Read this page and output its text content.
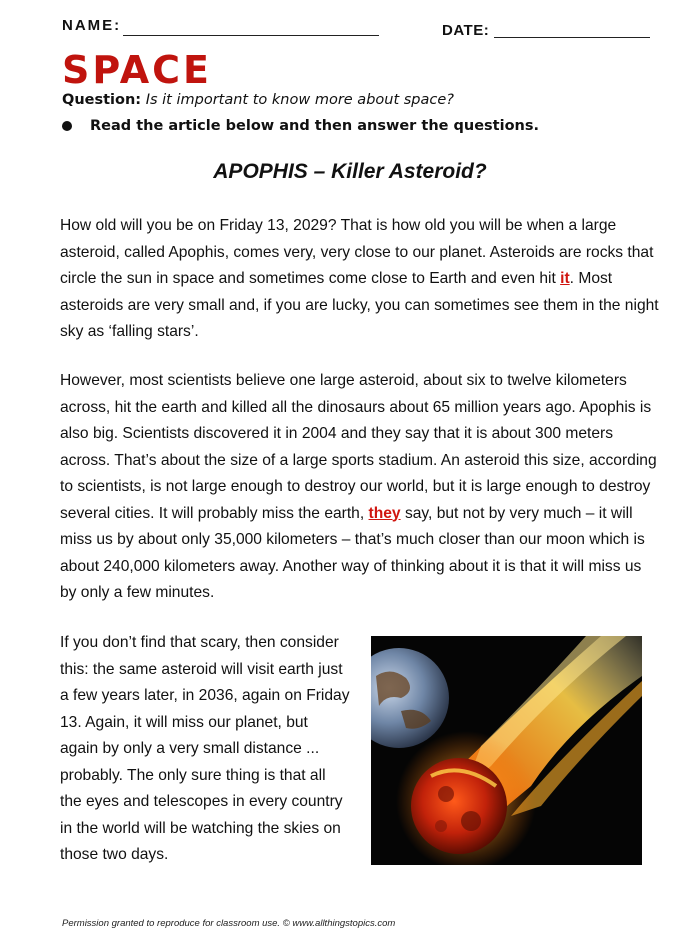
NAME:	DATE:
SPACE
Question: Is it important to know more about space?
Read the article below and then answer the questions.
APOPHIS – Killer Asteroid?
How old will you be on Friday 13, 2029? That is how old you will be when a large asteroid, called Apophis, comes very, very close to our planet. Asteroids are rocks that circle the sun in space and sometimes come close to Earth and even hit it. Most asteroids are very small and, if you are lucky, you can sometimes see them in the night sky as ‘falling stars’.
However, most scientists believe one large asteroid, about six to twelve kilometers across, hit the earth and killed all the dinosaurs about 65 million years ago. Apophis is also big. Scientists discovered it in 2004 and they say that it is about 300 meters across. That’s about the size of a large sports stadium. An asteroid this size, according to scientists, is not large enough to destroy our world, but it is large enough to destroy several cities. It will probably miss the earth, they say, but not by very much – it will miss us by about only 35,000 kilometers – that’s much closer than our moon which is about 240,000 kilometers away. Another way of thinking about it is that it will miss us by only a few minutes.
If you don’t find that scary, then consider this: the same asteroid will visit earth just a few years later, in 2036, again on Friday 13. Again, it will miss our planet, but again by only a very small distance ... probably. The only sure thing is that all the eyes and telescopes in every country in the world will be watching the skies on those two days.
Permission granted to reproduce for classroom use. © www.allthingstopics.com
